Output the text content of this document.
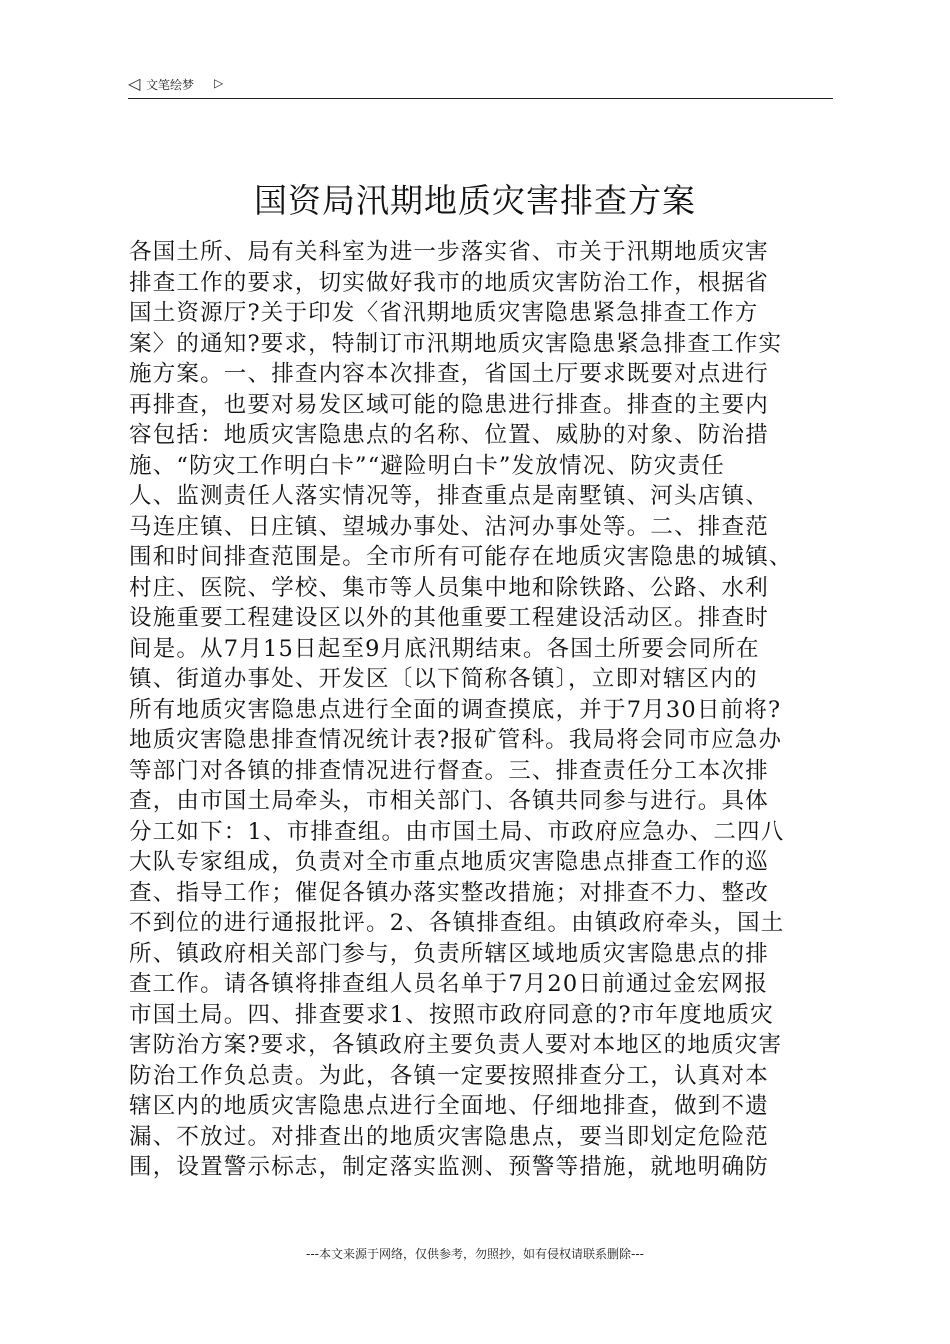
◁ 文笔绘梦 ▷
国资局汛期地质灾害排查方案
各国土所、局有关科室为进一步落实省、市关于汛期地质灾害
排查工作的要求，切实做好我市的地质灾害防治工作，根据省
国土资源厅?关于印发〈省汛期地质灾害隐患紧急排查工作方
案〉的通知?要求，特制订市汛期地质灾害隐患紧急排查工作实
施方案。一、排查内容本次排查，省国土厅要求既要对点进行
再排查，也要对易发区域可能的隐患进行排查。排查的主要内
容包括：地质灾害隐患点的名称、位置、威胁的对象、防治措
施、“防灾工作明白卡”“避险明白卡”发放情况、防灾责任
人、监测责任人落实情况等，排查重点是南墅镇、河头店镇、
马连庄镇、日庄镇、望城办事处、沽河办事处等。二、排查范
围和时间排查范围是。全市所有可能存在地质灾害隐患的城镇、
村庄、医院、学校、集市等人员集中地和除铁路、公路、水利
设施重要工程建设区以外的其他重要工程建设活动区。排查时
间是。从7月15日起至9月底汛期结束。各国土所要会同所在
镇、街道办事处、开发区〔以下简称各镇〕，立即对辖区内的
所有地质灾害隐患点进行全面的调查摸底，并于7月30日前将?
地质灾害隐患排查情况统计表?报矿管科。我局将会同市应急办
等部门对各镇的排查情况进行督查。三、排查责任分工本次排
查，由市国土局牵头，市相关部门、各镇共同参与进行。具体
分工如下：1、市排查组。由市国土局、市政府应急办、二四八
大队专家组成，负责对全市重点地质灾害隐患点排查工作的巡
查、指导工作；催促各镇办落实整改措施；对排查不力、整改
不到位的进行通报批评。2、各镇排查组。由镇政府牵头，国土
所、镇政府相关部门参与，负责所辖区域地质灾害隐患点的排
查工作。请各镇将排查组人员名单于7月20日前通过金宏网报
市国土局。四、排查要求1、按照市政府同意的?市年度地质灾
害防治方案?要求，各镇政府主要负责人要对本地区的地质灾害
防治工作负总责。为此，各镇一定要按照排查分工，认真对本
辖区内的地质灾害隐患点进行全面地、仔细地排查，做到不遗
漏、不放过。对排查出的地质灾害隐患点，要当即划定危险范
围，设置警示标志，制定落实监测、预警等措施，就地明确防
---本文来源于网络，仅供参考，勿照抄，如有侵权请联系删除---
